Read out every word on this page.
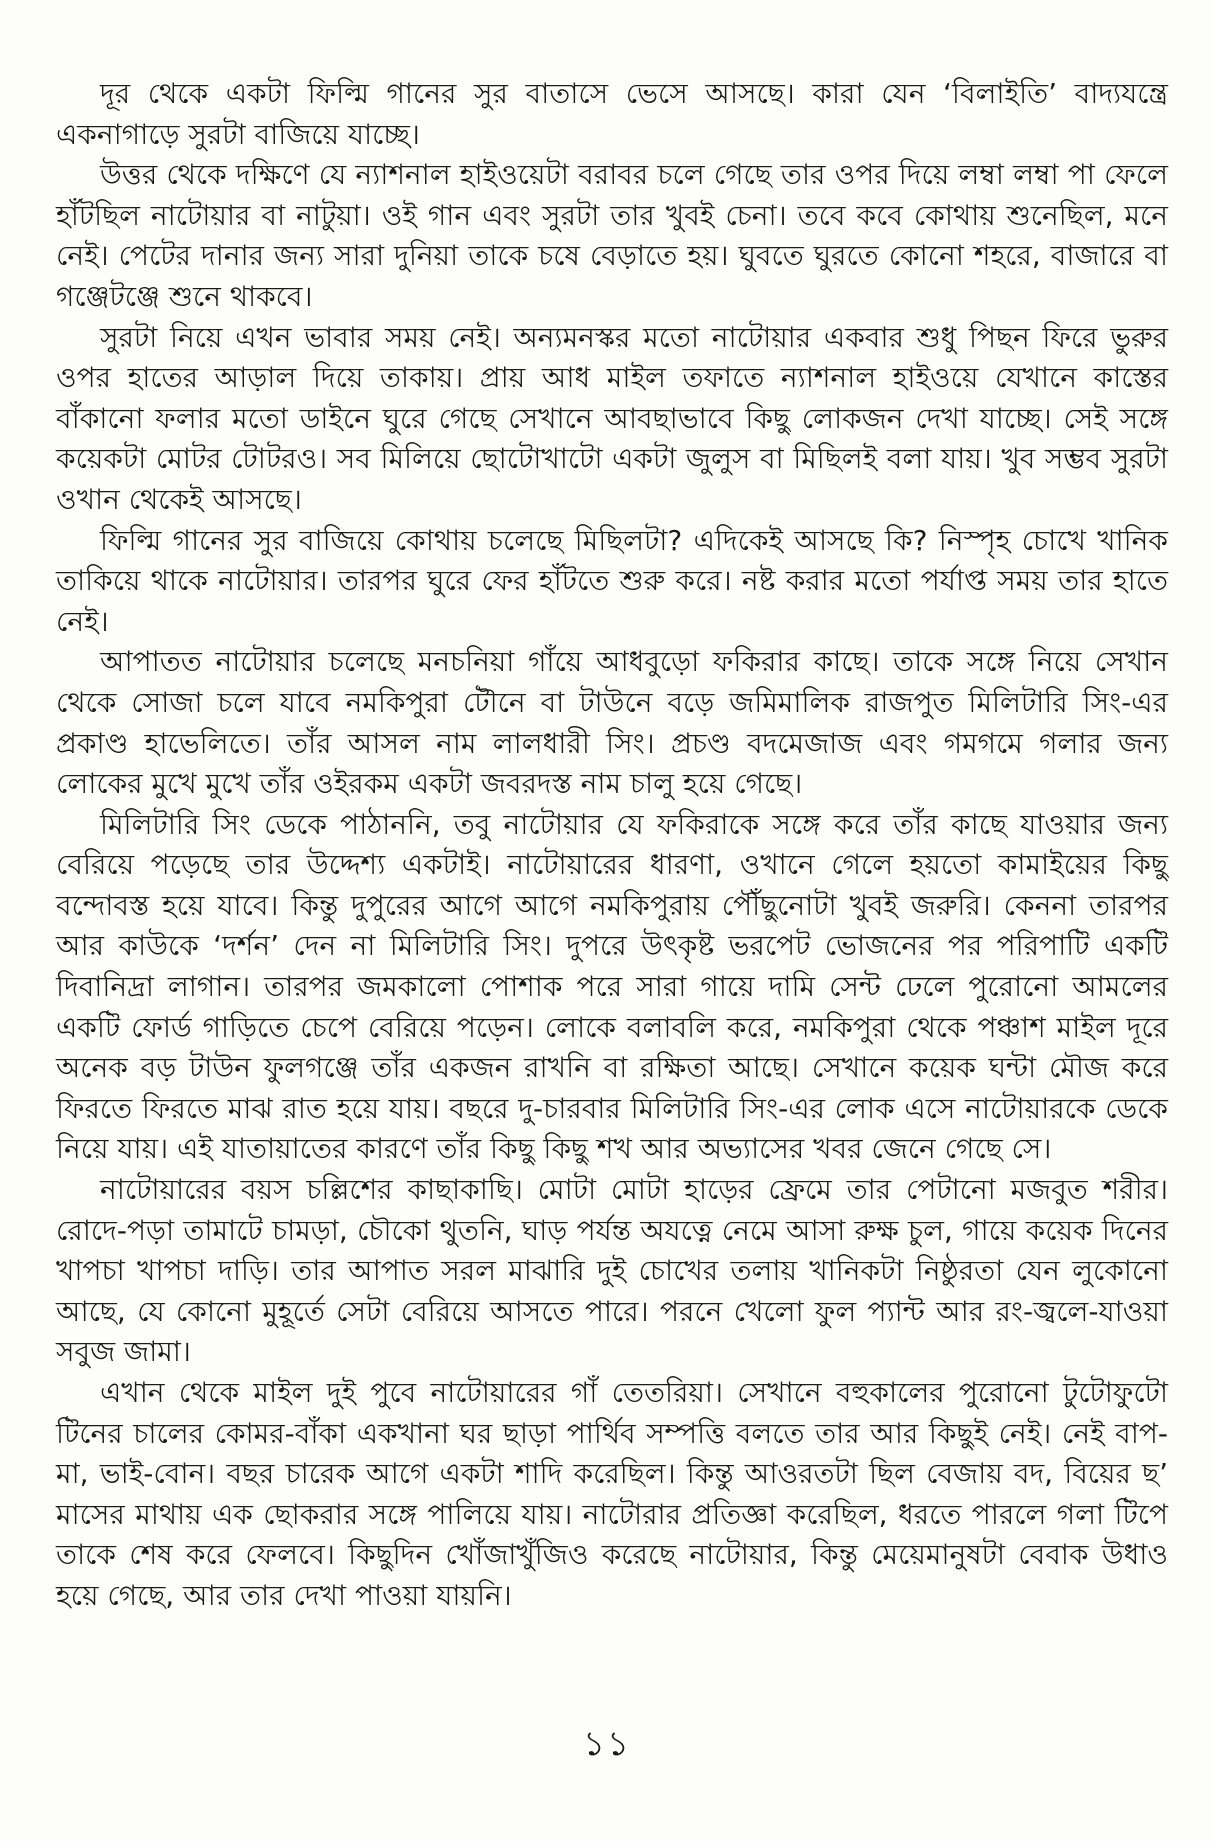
দূর থেকে একটা ফিল্মি গানের সুর বাতাসে ভেসে আসছে। কারা যেন ‘বিলাইতি’ বাদ্যযন্ত্রে একনাগাড়ে সুরটা বাজিয়ে যাচ্ছে।

উত্তর থেকে দক্ষিণে যে ন্যাশনাল হাইওয়েটা বরাবর চলে গেছে তার ওপর দিয়ে লম্বা লম্বা পা ফেলে হাঁটছিল নাটোয়ার বা নাটুয়া। ওই গান এবং সুরটা তার খুবই চেনা। তবে কবে কোথায় শুনেছিল, মনে নেই। পেটের দানার জন্য সারা দুনিয়া তাকে চষে বেড়াতে হয়। ঘুবতে ঘুরতে কোনো শহরে, বাজারে বা গঞ্জেটঞ্জে শুনে থাকবে।

সুরটা নিয়ে এখন ভাবার সময় নেই। অন্যমনস্কর মতো নাটোয়ার একবার শুধু পিছন ফিরে ভুরুর ওপর হাতের আড়াল দিয়ে তাকায়। প্রায় আধ মাইল তফাতে ন্যাশনাল হাইওয়ে যেখানে কাস্তের বাঁকানো ফলার মতো ডাইনে ঘুরে গেছে সেখানে আবছাভাবে কিছু লোকজন দেখা যাচ্ছে। সেই সঙ্গে কয়েকটা মোটর টোটরও। সব মিলিয়ে ছোটোখাটো একটা জুলুস বা মিছিলই বলা যায়। খুব সম্ভব সুরটা ওখান থেকেই আসছে।

ফিল্মি গানের সুর বাজিয়ে কোথায় চলেছে মিছিলটা? এদিকেই আসছে কি? নিস্পৃহ চোখে খানিক তাকিয়ে থাকে নাটোয়ার। তারপর ঘুরে ফের হাঁটতে শুরু করে। নষ্ট করার মতো পর্যাপ্ত সময় তার হাতে নেই।

আপাতত নাটোয়ার চলেছে মনচনিয়া গাঁয়ে আধবুড়ো ফকিরার কাছে। তাকে সঙ্গে নিয়ে সেখান থেকে সোজা চলে যাবে নমকিপুরা টৌনে বা টাউনে বড়ে জমিমালিক রাজপুত মিলিটারি সিং-এর প্রকাণ্ড হাভেলিতে। তাঁর আসল নাম লালধারী সিং। প্রচণ্ড বদমেজাজ এবং গমগমে গলার জন্য লোকের মুখে মুখে তাঁর ওইরকম একটা জবরদস্ত নাম চালু হয়ে গেছে।

মিলিটারি সিং ডেকে পাঠাননি, তবু নাটোয়ার যে ফকিরাকে সঙ্গে করে তাঁর কাছে যাওয়ার জন্য বেরিয়ে পড়েছে তার উদ্দেশ্য একটাই। নাটোয়ারের ধারণা, ওখানে গেলে হয়তো কামাইয়ের কিছু বন্দোবস্ত হয়ে যাবে। কিন্তু দুপুরের আগে আগে নমকিপুরায় পৌঁছুনোটা খুবই জরুরি। কেননা তারপর আর কাউকে ‘দর্শন’ দেন না মিলিটারি সিং। দুপরে উৎকৃষ্ট ভরপেট ভোজনের পর পরিপাটি একটি দিবানিদ্রা লাগান। তারপর জমকালো পোশাক পরে সারা গায়ে দামি সেন্ট ঢেলে পুরোনো আমলের একটি ফোর্ড গাড়িতে চেপে বেরিয়ে পড়েন। লোকে বলাবলি করে, নমকিপুরা থেকে পঞ্চাশ মাইল দূরে অনেক বড় টাউন ফুলগঞ্জে তাঁর একজন রাখনি বা রক্ষিতা আছে। সেখানে কয়েক ঘন্টা মৌজ করে ফিরতে ফিরতে মাঝ রাত হয়ে যায়। বছরে দু-চারবার মিলিটারি সিং-এর লোক এসে নাটোয়ারকে ডেকে নিয়ে যায়। এই যাতায়াতের কারণে তাঁর কিছু কিছু শখ আর অভ্যাসের খবর জেনে গেছে সে।

নাটোয়ারের বয়স চল্লিশের কাছাকাছি। মোটা মোটা হাড়ের ফ্রেমে তার পেটানো মজবুত শরীর। রোদে-পড়া তামাটে চামড়া, চৌকো থুতনি, ঘাড় পর্যন্ত অযত্নে নেমে আসা রুক্ষ চুল, গায়ে কয়েক দিনের খাপচা খাপচা দাড়ি। তার আপাত সরল মাঝারি দুই চোখের তলায় খানিকটা নিষ্ঠুরতা যেন লুকোনো আছে, যে কোনো মুহূর্তে সেটা বেরিয়ে আসতে পারে। পরনে খেলো ফুল প্যান্ট আর রং-জ্বলে-যাওয়া সবুজ জামা।

এখান থেকে মাইল দুই পুবে নাটোয়ারের গাঁ তেতরিয়া। সেখানে বহুকালের পুরোনো টুটোফুটো টিনের চালের কোমর-বাঁকা একখানা ঘর ছাড়া পার্থিব সম্পত্তি বলতে তার আর কিছুই নেই। নেই বাপ-মা, ভাই-বোন। বছর চারেক আগে একটা শাদি করেছিল। কিন্তু আওরতটা ছিল বেজায় বদ, বিয়ের ছ’ মাসের মাথায় এক ছোকরার সঙ্গে পালিয়ে যায়। নাটোরার প্রতিজ্ঞা করেছিল, ধরতে পারলে গলা টিপে তাকে শেষ করে ফেলবে। কিছুদিন খোঁজাখুঁজিও করেছে নাটোয়ার, কিন্তু মেয়েমানুষটা বেবাক উধাও হয়ে গেছে, আর তার দেখা পাওয়া যায়নি।

১১
